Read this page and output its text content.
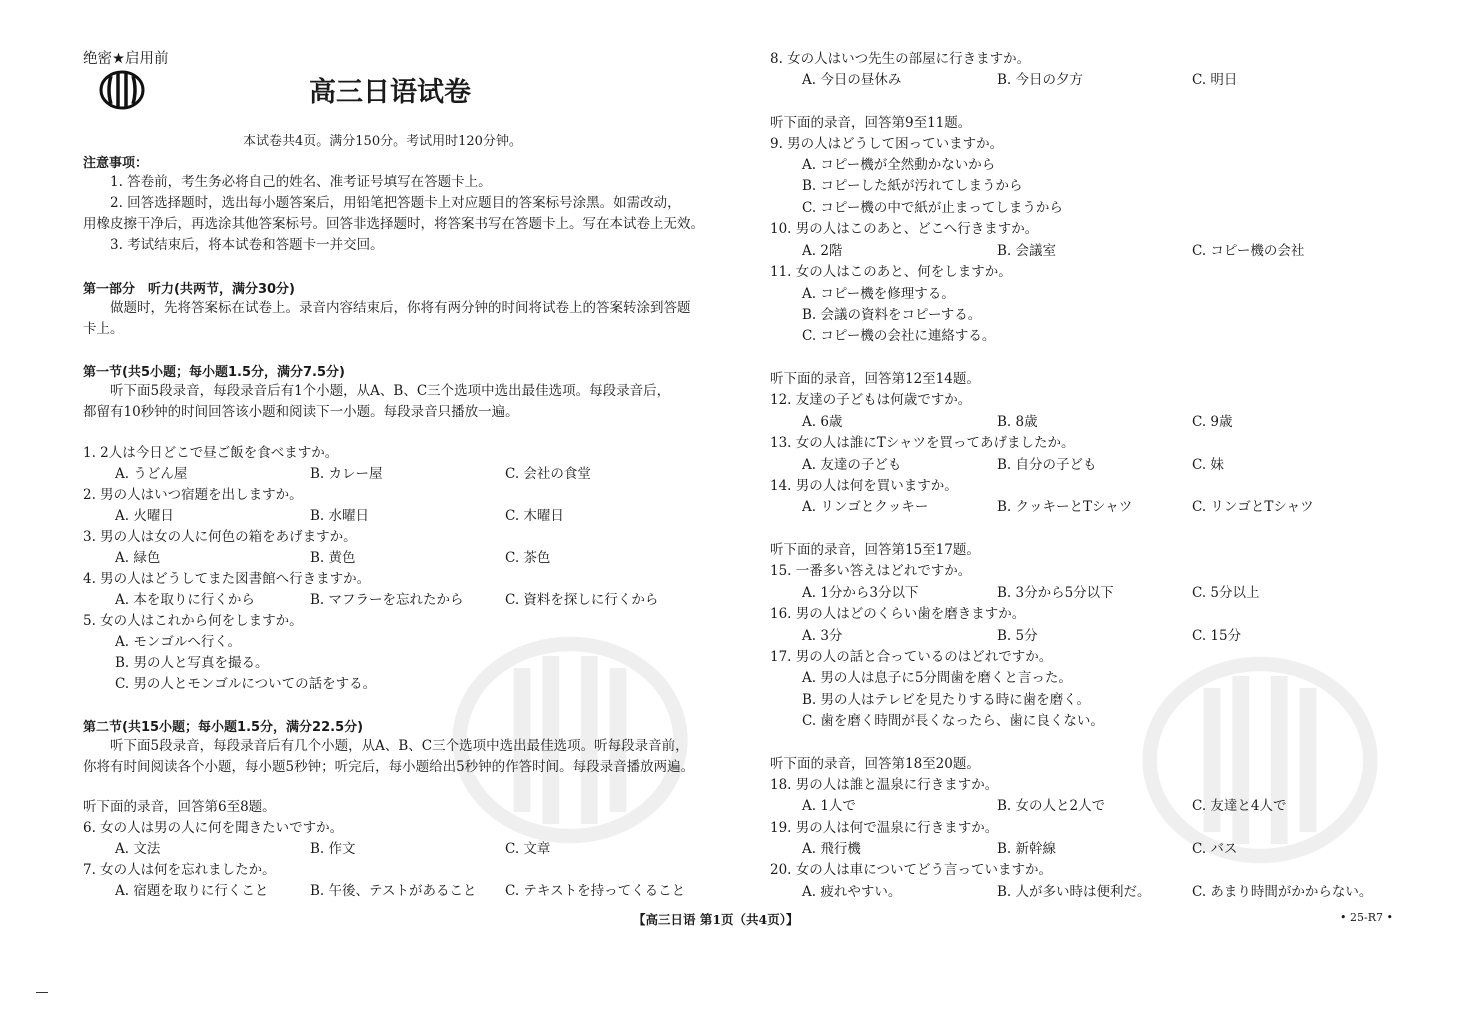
绝密★启用前
高三日语试卷
本试卷共4页。满分150分。考试用时120分钟。
注意事项：
1. 答卷前，考生务必将自己的姓名、准考证号填写在答题卡上。
2. 回答选择题时，选出每小题答案后，用铅笔把答题卡上对应题目的答案标号涂黑。如需改动，
用橡皮擦干净后，再选涂其他答案标号。回答非选择题时，将答案书写在答题卡上。写在本试卷上无效。
3. 考试结束后，将本试卷和答题卡一并交回。
第一部分　听力(共两节，满分30分)
做题时，先将答案标在试卷上。录音内容结束后，你将有两分钟的时间将试卷上的答案转涂到答题
卡上。
第一节(共5小题；每小题1.5分，满分7.5分)
听下面5段录音，每段录音后有1个小题，从A、B、C三个选项中选出最佳选项。每段录音后，
都留有10秒钟的时间回答该小题和阅读下一小题。每段录音只播放一遍。
1. 2人は今日どこで昼ご飯を食べますか。
A. うどん屋	B. カレー屋	C. 会社の食堂
2. 男の人はいつ宿題を出しますか。
A. 火曜日	B. 水曜日	C. 木曜日
3. 男の人は女の人に何色の箱をあげますか。
A. 緑色	B. 黄色	C. 茶色
4. 男の人はどうしてまた図書館へ行きますか。
A. 本を取りに行くから	B. マフラーを忘れたから	C. 資料を探しに行くから
5. 女の人はこれから何をしますか。
A. モンゴルへ行く。
B. 男の人と写真を撮る。
C. 男の人とモンゴルについての話をする。
第二节(共15小题；每小题1.5分，满分22.5分)
听下面5段录音，每段录音后有几个小题，从A、B、C三个选项中选出最佳选项。听每段录音前，
你将有时间阅读各个小题，每小题5秒钟；听完后，每小题给出5秒钟的作答时间。每段录音播放两遍。
听下面的录音，回答第6至8题。
6. 女の人は男の人に何を聞きたいですか。
A. 文法	B. 作文	C. 文章
7. 女の人は何を忘れましたか。
A. 宿題を取りに行くこと	B. 午後、テストがあること C. テキストを持ってくること
8. 女の人はいつ先生の部屋に行きますか。
A. 今日の昼休み	B. 今日の夕方	C. 明日
听下面的录音，回答第9至11题。
9. 男の人はどうして困っていますか。
A. コピー機が全然動かないから
B. コピーした紙が汚れてしまうから
C. コピー機の中で紙が止まってしまうから
10. 男の人はこのあと、どこへ行きますか。
A. 2階	B. 会議室	C. コピー機の会社
11. 女の人はこのあと、何をしますか。
A. コピー機を修理する。
B. 会議の資料をコピーする。
C. コピー機の会社に連絡する。
听下面的录音，回答第12至14题。
12. 友達の子どもは何歳ですか。
A. 6歳	B. 8歳	C. 9歳
13. 女の人は誰にTシャツを買ってあげましたか。
A. 友達の子ども	B. 自分の子ども	C. 妹
14. 男の人は何を買いますか。
A. リンゴとクッキー	B. クッキーとTシャツ	C. リンゴとTシャツ
听下面的录音，回答第15至17题。
15. 一番多い答えはどれですか。
A. 1分から3分以下	B. 3分から5分以下	C. 5分以上
16. 男の人はどのくらい歯を磨きますか。
A. 3分	B. 5分	C. 15分
17. 男の人の話と合っているのはどれですか。
A. 男の人は息子に5分間歯を磨くと言った。
B. 男の人はテレビを見たりする時に歯を磨く。
C. 歯を磨く時間が長くなったら、歯に良くない。
听下面的录音，回答第18至20题。
18. 男の人は誰と温泉に行きますか。
A. 1人で	B. 女の人と2人で	C. 友達と4人で
19. 男の人は何で温泉に行きますか。
A. 飛行機	B. 新幹線	C. バス
20. 女の人は車についてどう言っていますか。
A. 疲れやすい。	B. 人が多い時は便利だ。	C. あまり時間がかからない。
【高三日语 第1页（共4页）】	• 25-R7 •
